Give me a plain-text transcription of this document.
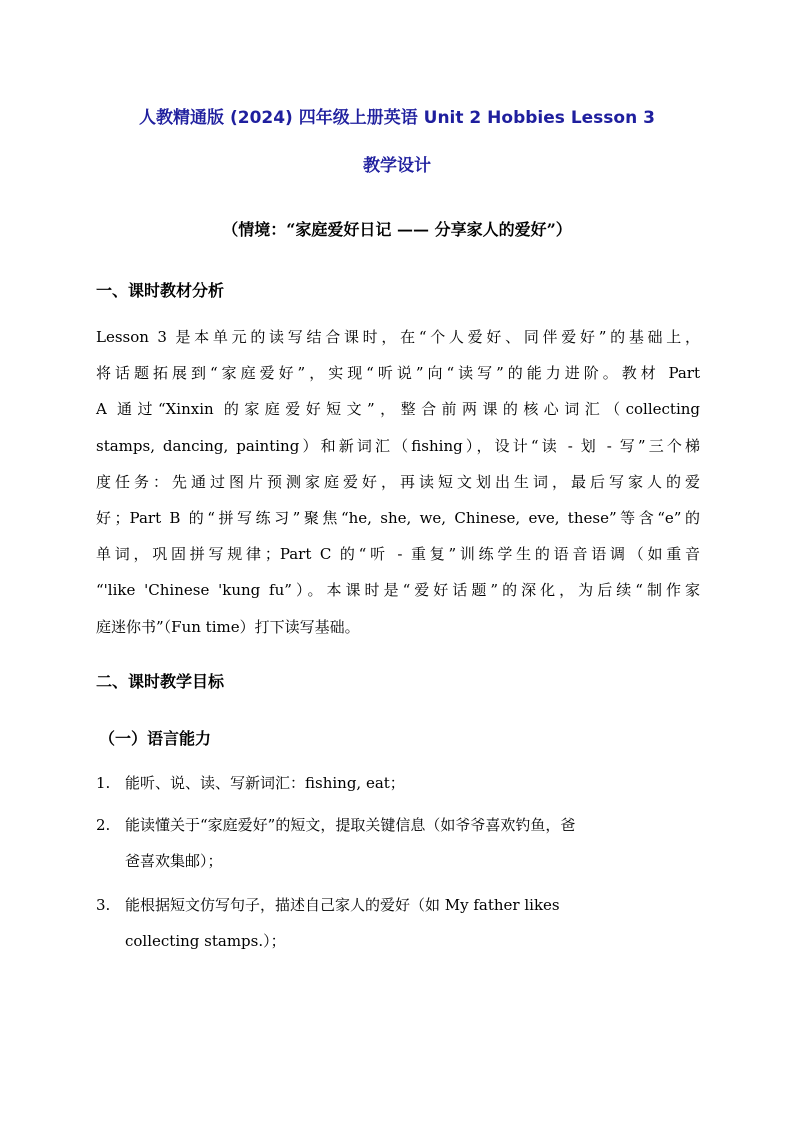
人教精通版 (2024) 四年级上册英语 Unit 2 Hobbies Lesson 3
教学设计
（情境：“家庭爱好日记 —— 分享家人的爱好”）
一、课时教材分析

Lesson 3 是本单元的读写结合课时，在“个人爱好、同伴爱好”的基础上，
将话题拓展到“家庭爱好”，实现“听说”向“读写”的能力进阶。教材 Part
A 通过“Xinxin 的家庭爱好短文”，整合前两课的核心词汇（collecting
stamps, dancing, painting）和新词汇（fishing），设计“读 - 划 - 写”三个梯
度任务：先通过图片预测家庭爱好，再读短文划出生词，最后写家人的爱
好；Part B 的“拼写练习”聚焦“he, she, we, Chinese, eve, these”等含“e”的
单词，巩固拼写规律；Part C 的“听 - 重复”训练学生的语音语调（如重音
“'like 'Chinese 'kung fu”）。本课时是“爱好话题”的深化，为后续“制作家
庭迷你书”（Fun time）打下读写基础。

二、课时教学目标
（一）语言能力
1. 能听、说、读、写新词汇：fishing, eat；
2. 能读懂关于“家庭爱好”的短文，提取关键信息（如爷爷喜欢钓鱼，爸
爸喜欢集邮）；
3. 能根据短文仿写句子，描述自己家人的爱好（如 My father likes
collecting stamps.）；
